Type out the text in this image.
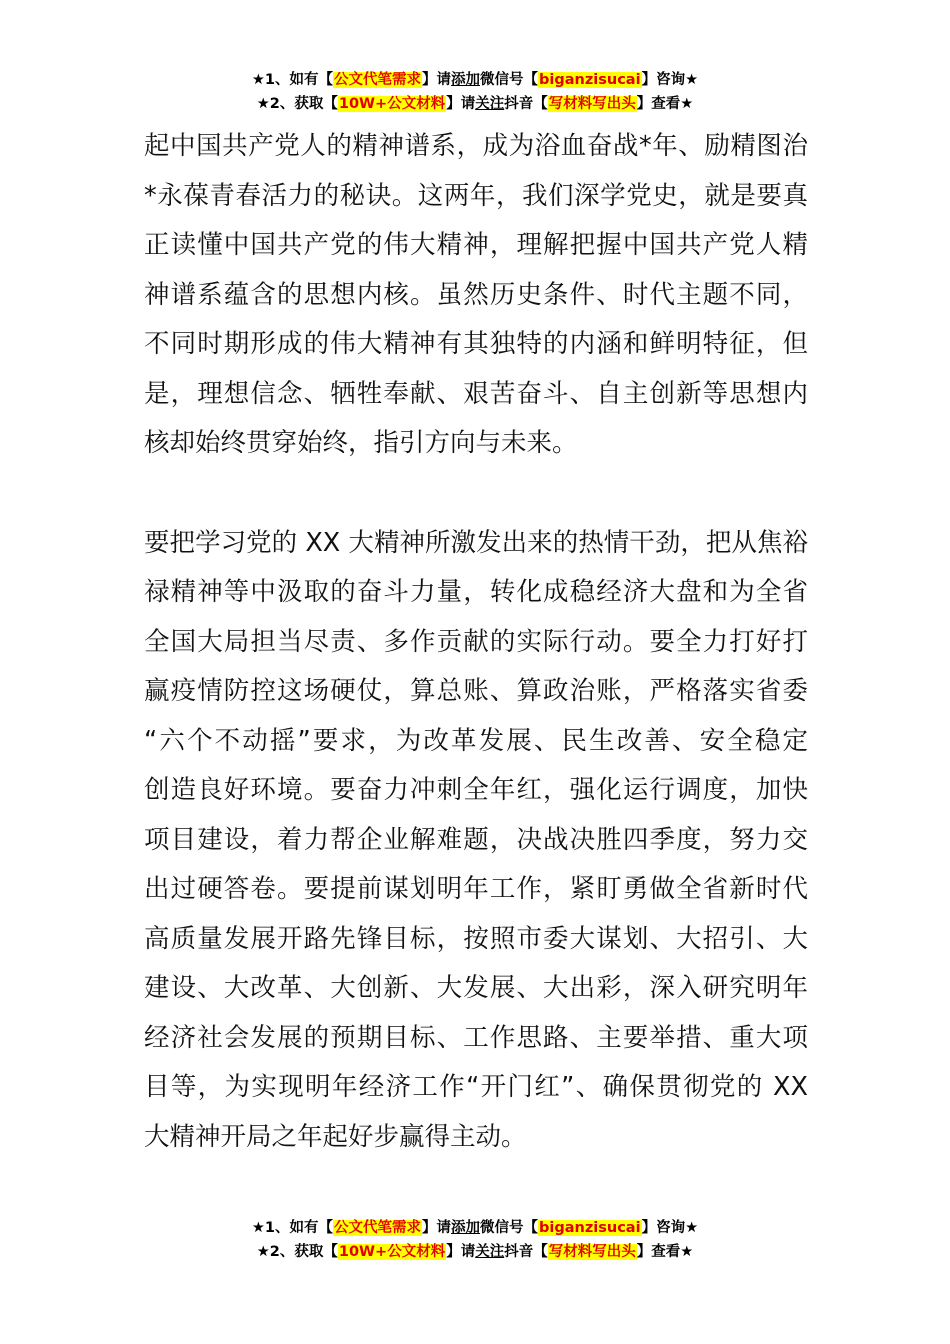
★1、如有【公文代笔需求】请添加微信号【biganzisucai】咨询★
★2、获取【10W+公文材料】请关注抖音【写材料写出头】查看★
起中国共产党人的精神谱系，成为浴血奋战*年、励精图治
*永葆青春活力的秘诀。这两年，我们深学党史，就是要真
正读懂中国共产党的伟大精神，理解把握中国共产党人精
神谱系蕴含的思想内核。虽然历史条件、时代主题不同，
不同时期形成的伟大精神有其独特的内涵和鲜明特征，但
是，理想信念、牺牲奉献、艰苦奋斗、自主创新等思想内
核却始终贯穿始终，指引方向与未来。
要把学习党的 XX 大精神所激发出来的热情干劲，把从焦裕
禄精神等中汲取的奋斗力量，转化成稳经济大盘和为全省
全国大局担当尽责、多作贡献的实际行动。要全力打好打
赢疫情防控这场硬仗，算总账、算政治账，严格落实省委
“六个不动摇”要求，为改革发展、民生改善、安全稳定
创造良好环境。要奋力冲刺全年红，强化运行调度，加快
项目建设，着力帮企业解难题，决战决胜四季度，努力交
出过硬答卷。要提前谋划明年工作，紧盯勇做全省新时代
高质量发展开路先锋目标，按照市委大谋划、大招引、大
建设、大改革、大创新、大发展、大出彩，深入研究明年
经济社会发展的预期目标、工作思路、主要举措、重大项
目等，为实现明年经济工作“开门红”、确保贯彻党的 XX
大精神开局之年起好步赢得主动。
★1、如有【公文代笔需求】请添加微信号【biganzisucai】咨询★
★2、获取【10W+公文材料】请关注抖音【写材料写出头】查看★
